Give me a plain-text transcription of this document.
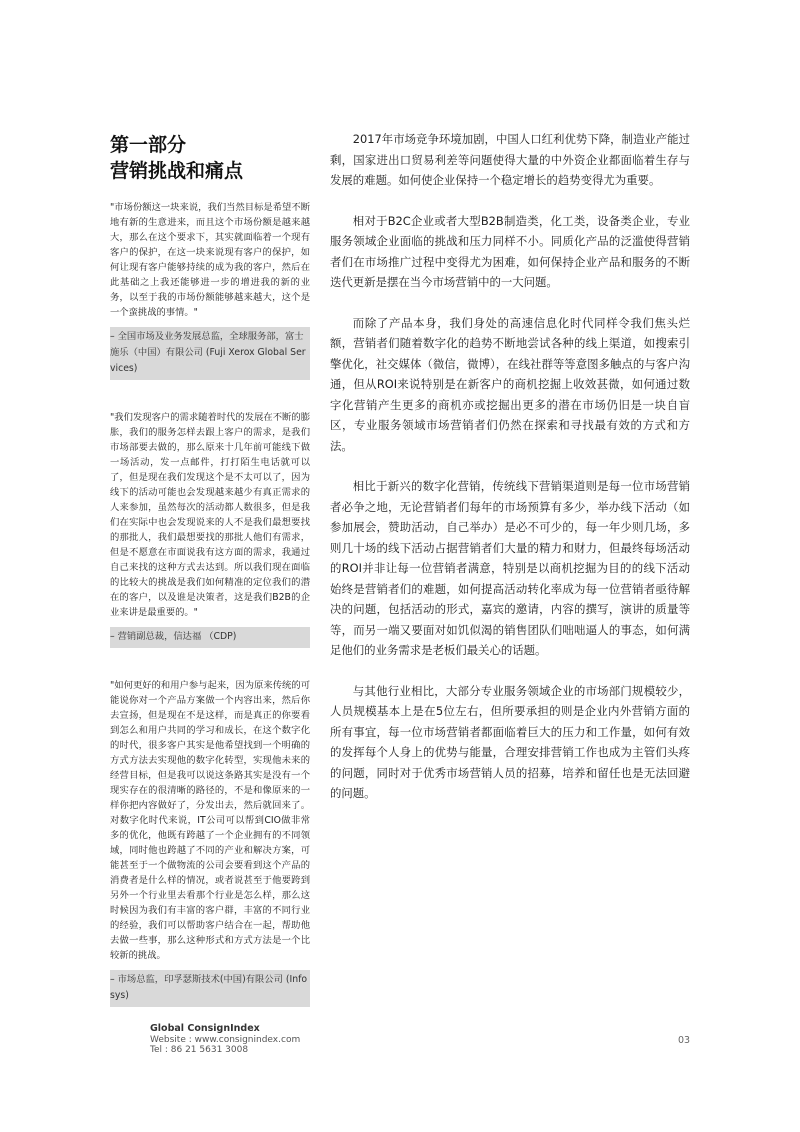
第一部分
营销挑战和痛点
"市场份额这一块来说，我们当然目标是希望不断地有新的生意进来，而且这个市场份额是越来越大，那么在这个要求下，其实就面临着一个现有客户的保护，在这一块来说现有客户的保护，如何让现有客户能够持续的成为我的客户，然后在此基础之上我还能够进一步的增进我的新的业务，以至于我的市场份额能够越来越大，这个是一个蛮挑战的事情。"
– 全国市场及业务发展总监，全球服务部，富士施乐（中国）有限公司 (Fuji Xerox Global Services)
"我们发现客户的需求随着时代的发展在不断的膨胀，我们的服务怎样去跟上客户的需求，是我们市场部要去做的，那么原来十几年前可能线下做一场活动，发一点邮件，打打陌生电话就可以了，但是现在我们发现这个是不太可以了，因为线下的活动可能也会发现越来越少有真正需求的人来参加，虽然每次的活动都人数很多，但是我们在实际中也会发现说来的人不是我们最想要找的那批人，我们最想要找的那批人他们有需求，但是不愿意在市面说我有这方面的需求，我通过自己来找的这种方式去达到。所以我们现在面临的比较大的挑战是我们如何精准的定位我们的潜在的客户，以及谁是决策者，这是我们B2B的企业来讲是最重要的。"
– 营销副总裁，信达福 （CDP)
"如何更好的和用户参与起来，因为原来传统的可能说你对一个产品方案做一个内容出来，然后你去宣扬，但是现在不是这样，而是真正的你要看到怎么和用户共同的学习和成长，在这个数字化的时代，很多客户其实是他希望找到一个明确的方式方法去实现他的数字化转型，实现他未来的经营目标，但是我可以说这条路其实是没有一个现实存在的很清晰的路径的，不是和像原来的一样你把内容做好了，分发出去，然后就回来了。对数字化时代来说，IT公司可以帮到CIO做非常多的优化，他既有跨越了一个企业拥有的不同领域，同时他也跨越了不同的产业和解决方案，可能甚至于一个做物流的公司会要看到这个产品的消费者是什么样的情况，或者说甚至于他要跨到另外一个行业里去看那个行业是怎么样，那么这时候因为我们有丰富的客户群，丰富的不同行业的经验，我们可以帮助客户结合在一起，帮助他去做一些事，那么这种形式和方式方法是一个比较新的挑战。
– 市场总监，印孚瑟斯技术(中国)有限公司 (Infosys)

2017年市场竞争环境加剧，中国人口红利优势下降，制造业产能过剩，国家进出口贸易利差等问题使得大量的中外资企业都面临着生存与发展的难题。如何使企业保持一个稳定增长的趋势变得尤为重要。

相对于B2C企业或者大型B2B制造类，化工类，设备类企业，专业服务领域企业面临的挑战和压力同样不小。同质化产品的泛滥使得营销者们在市场推广过程中变得尤为困难，如何保持企业产品和服务的不断迭代更新是摆在当今市场营销中的一大问题。

而除了产品本身，我们身处的高速信息化时代同样令我们焦头烂额，营销者们随着数字化的趋势不断地尝试各种的线上渠道，如搜索引擎优化，社交媒体（微信，微博），在线社群等等意图多触点的与客户沟通，但从ROI来说特别是在新客户的商机挖掘上收效甚微，如何通过数字化营销产生更多的商机亦或挖掘出更多的潜在市场仍旧是一块自盲区，专业服务领域市场营销者们仍然在探索和寻找最有效的方式和方法。

相比于新兴的数字化营销，传统线下营销渠道则是每一位市场营销者必争之地，无论营销者们每年的市场预算有多少，举办线下活动（如参加展会，赞助活动，自己举办）是必不可少的，每一年少则几场，多则几十场的线下活动占据营销者们大量的精力和财力，但最终每场活动的ROI并非让每一位营销者满意，特别是以商机挖掘为目的的线下活动始终是营销者们的难题，如何提高活动转化率成为每一位营销者亟待解决的问题，包括活动的形式，嘉宾的邀请，内容的撰写，演讲的质量等等，而另一端又要面对如饥似渴的销售团队们咄咄逼人的事态，如何满足他们的业务需求是老板们最关心的话题。

与其他行业相比，大部分专业服务领域企业的市场部门规模较少，人员规模基本上是在5位左右，但所要承担的则是企业内外营销方面的所有事宜，每一位市场营销者都面临着巨大的压力和工作量，如何有效的发挥每个人身上的优势与能量，合理安排营销工作也成为主管们头疼的问题，同时对于优秀市场营销人员的招募，培养和留任也是无法回避的问题。

Global ConsignIndex
Website : www.consignindex.com
Tel : 86 21 5631 3008
03
